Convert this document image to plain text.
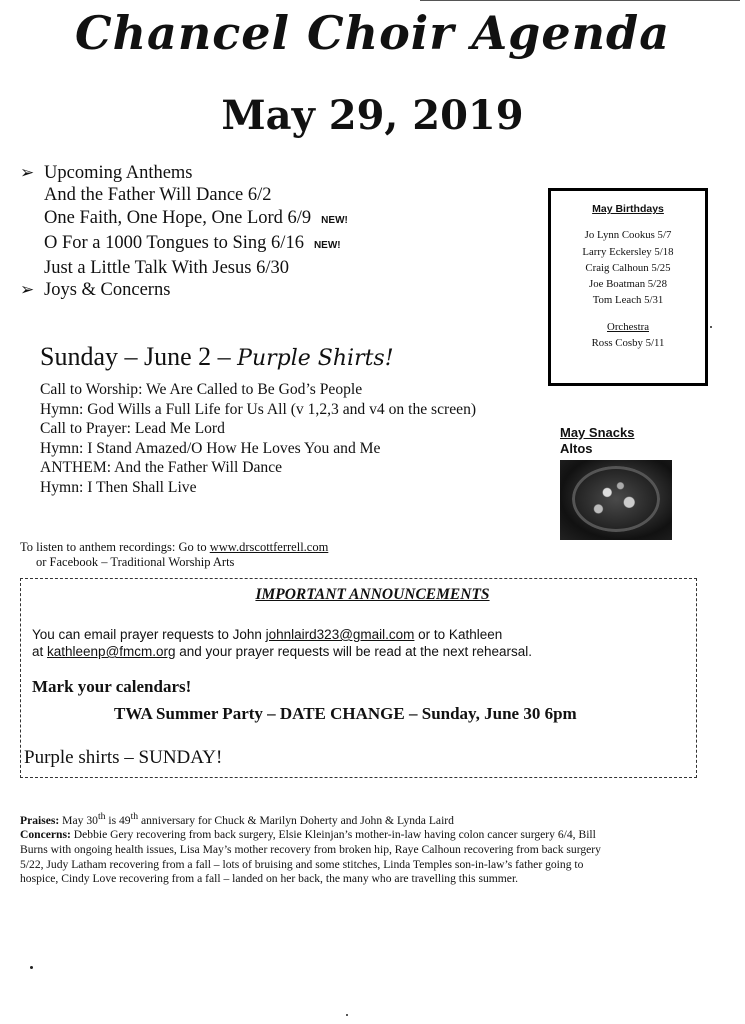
Chancel Choir Agenda
May 29, 2019
➢ Upcoming Anthems
And the Father Will Dance 6/2
One Faith, One Hope, One Lord 6/9 NEW!
O For a 1000 Tongues to Sing 6/16 NEW!
Just a Little Talk With Jesus 6/30
➢ Joys & Concerns
May Birthdays
Jo Lynn Cookus 5/7
Larry Eckersley 5/18
Craig Calhoun 5/25
Joe Boatman 5/28
Tom Leach 5/31
Orchestra
Ross Cosby 5/11
Sunday – June 2 – Purple Shirts!
Call to Worship: We Are Called to Be God’s People
Hymn: God Wills a Full Life for Us All (v 1,2,3 and v4 on the screen)
Call to Prayer: Lead Me Lord
Hymn: I Stand Amazed/O How He Loves You and Me
ANTHEM: And the Father Will Dance
Hymn: I Then Shall Live
May Snacks
Altos
To listen to anthem recordings: Go to www.drscottferrell.com
or Facebook – Traditional Worship Arts
IMPORTANT ANNOUNCEMENTS
You can email prayer requests to John johnlaird323@gmail.com or to Kathleen
at kathleenp@fmcm.org and your prayer requests will be read at the next rehearsal.
Mark your calendars!
TWA Summer Party – DATE CHANGE – Sunday, June 30 6pm
Purple shirts – SUNDAY!
Praises: May 30th is 49th anniversary for Chuck & Marilyn Doherty and John & Lynda Laird
Concerns: Debbie Gery recovering from back surgery, Elsie Kleinjan’s mother-in-law having colon cancer surgery 6/4, Bill
Burns with ongoing health issues, Lisa May’s mother recovery from broken hip, Raye Calhoun recovering from back surgery
5/22, Judy Latham recovering from a fall – lots of bruising and some stitches, Linda Temples son-in-law’s father going to
hospice, Cindy Love recovering from a fall – landed on her back, the many who are travelling this summer.
